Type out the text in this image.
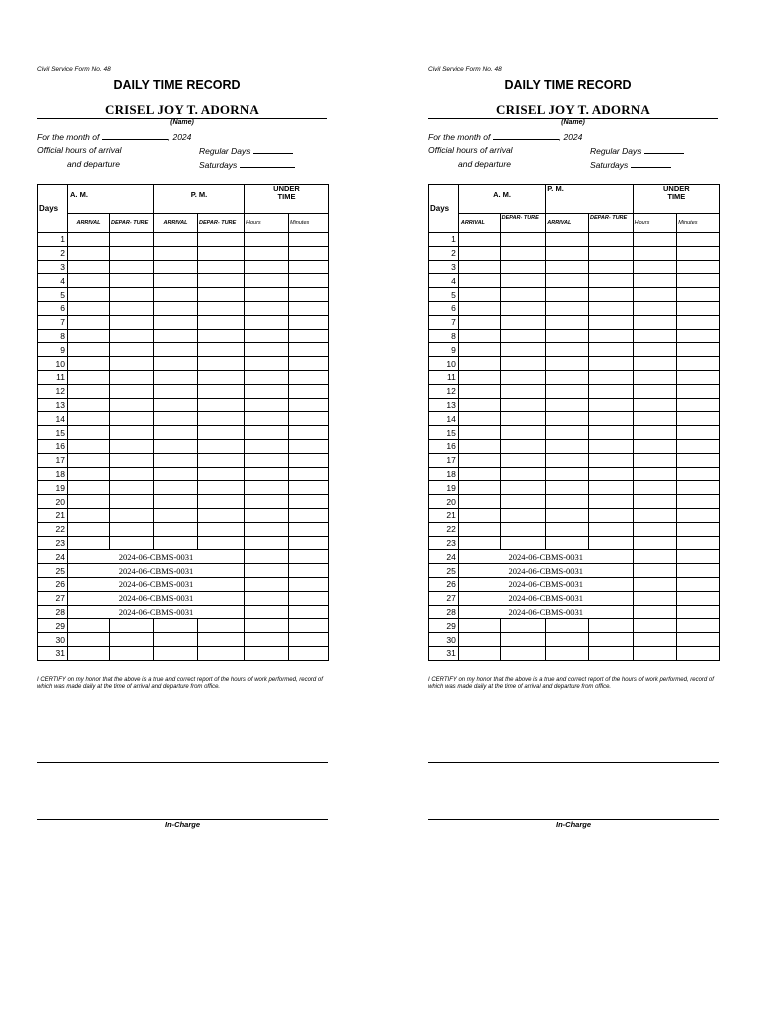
Civil Service Form No. 48
DAILY TIME RECORD
CRISEL JOY T. ADORNA
(Name)
For the month of	, 2024
Official hours of arrival	Regular Days
and departure	Saturdays
Days	A. M.		P. M.		UNDER
TIME	

	ARRIVAL	DEPAR- TURE	ARRIVAL	DEPAR- TURE	Hours	Minutes
1						
2						
3						
4						
5						
6						
7						
8						
9						
10						
11						
12						
13						
14						
15						
16						
17						
18						
19						
20						
21						
22						
23						
24	2024-06-CBMS-0031					
25	2024-06-CBMS-0031					
26	2024-06-CBMS-0031					
27	2024-06-CBMS-0031					
28	2024-06-CBMS-0031					
29						
30						
31						
I CERTIFY on my honor that the above is a true and correct report of the hours of work performed, record of which was made daily at the time of arrival and departure from office.
In-Charge
Civil Service Form No. 48
DAILY TIME RECORD
CRISEL JOY T. ADORNA
(Name)
For the month of	, 2024
Official hours of arrival	Regular Days
and departure	Saturdays
Days	A. M.		P. M.		UNDER
TIME	

	ARRIVAL	DEPAR- TURE	ARRIVAL	DEPAR- TURE	Hours	Minutes
1						
2						
3						
4						
5						
6						
7						
8						
9						
10						
11						
12						
13						
14						
15						
16						
17						
18						
19						
20						
21						
22						
23						
24	2024-06-CBMS-0031					
25	2024-06-CBMS-0031					
26	2024-06-CBMS-0031					
27	2024-06-CBMS-0031					
28	2024-06-CBMS-0031					
29						
30						
31						
I CERTIFY on my honor that the above is a true and correct report of the hours of work performed, record of which was made daily at the time of arrival and departure from office.
In-Charge
